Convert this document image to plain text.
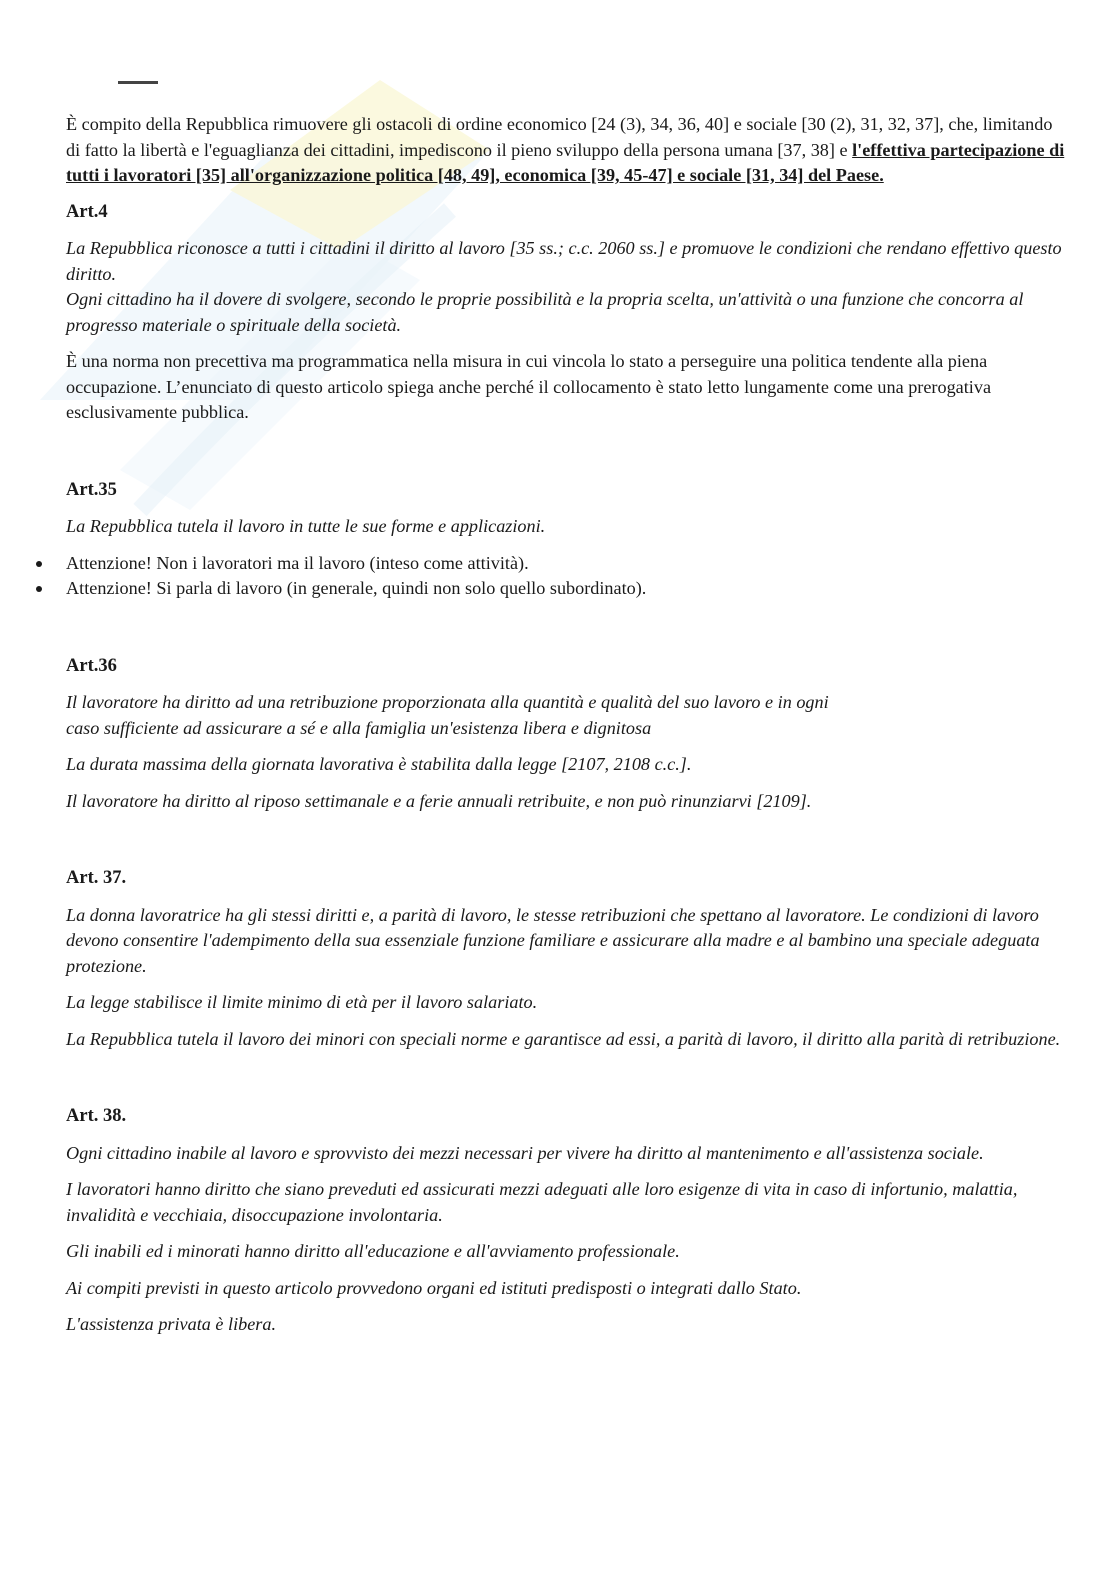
È compito della Repubblica rimuovere gli ostacoli di ordine economico [24 (3), 34, 36, 40] e sociale [30 (2), 31, 32, 37], che, limitando di fatto la libertà e l'eguaglianza dei cittadini, impediscono il pieno sviluppo della persona umana [37, 38] e l'effettiva partecipazione di tutti i lavoratori [35] all'organizzazione politica [48, 49], economica [39, 45-47] e sociale [31, 34] del Paese.

Art.4

La Repubblica riconosce a tutti i cittadini il diritto al lavoro [35 ss.; c.c. 2060 ss.] e promuove le condizioni che rendano effettivo questo diritto.

Ogni cittadino ha il dovere di svolgere, secondo le proprie possibilità e la propria scelta, un'attività o una funzione che concorra al progresso materiale o spirituale della società.

È una norma non precettiva ma programmatica nella misura in cui vincola lo stato a perseguire una politica tendente alla piena occupazione. L’enunciato di questo articolo spiega anche perché il collocamento è stato letto lungamente come una prerogativa esclusivamente pubblica.

Art.35

La Repubblica tutela il lavoro in tutte le sue forme e applicazioni.

Attenzione! Non i lavoratori ma il lavoro (inteso come attività).
Attenzione! Si parla di lavoro (in generale, quindi non solo quello subordinato).

Art.36

Il lavoratore ha diritto ad una retribuzione proporzionata alla quantità e qualità del suo lavoro e in ogni

caso sufficiente ad assicurare a sé e alla famiglia un'esistenza libera e dignitosa

La durata massima della giornata lavorativa è stabilita dalla legge [2107, 2108 c.c.].

Il lavoratore ha diritto al riposo settimanale e a ferie annuali retribuite, e non può rinunziarvi [2109].

Art. 37.

La donna lavoratrice ha gli stessi diritti e, a parità di lavoro, le stesse retribuzioni che spettano al lavoratore. Le condizioni di lavoro devono consentire l'adempimento della sua essenziale funzione familiare e assicurare alla madre e al bambino una speciale adeguata protezione.

La legge stabilisce il limite minimo di età per il lavoro salariato.

La Repubblica tutela il lavoro dei minori con speciali norme e garantisce ad essi, a parità di lavoro, il diritto alla parità di retribuzione.

Art. 38.

Ogni cittadino inabile al lavoro e sprovvisto dei mezzi necessari per vivere ha diritto al mantenimento e all'assistenza sociale.

I lavoratori hanno diritto che siano preveduti ed assicurati mezzi adeguati alle loro esigenze di vita in caso di infortunio, malattia, invalidità e vecchiaia, disoccupazione involontaria.

Gli inabili ed i minorati hanno diritto all'educazione e all'avviamento professionale.

Ai compiti previsti in questo articolo provvedono organi ed istituti predisposti o integrati dallo Stato.

L'assistenza privata è libera.
